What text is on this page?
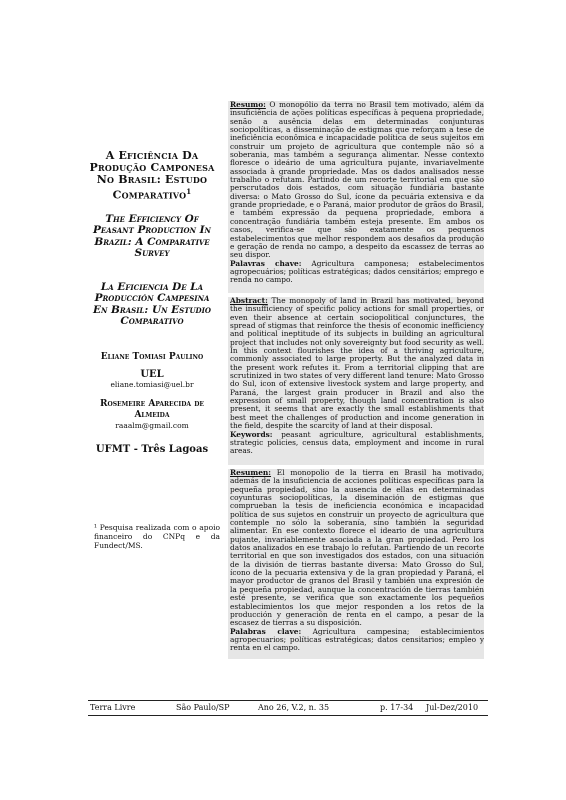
A Eficiência Da Produção Camponesa No Brasil: Estudo Comparativo$^1$
The Efficiency Of Peasant Production In Brazil: A Comparative Survey
La Eficiencia De La Producción Campesina En Brasil: Un Estudio Comparativo
Eliane Tomiasi Paulino
UEL
eliane.tomiasi@uel.br
Rosemeire Aparecida de Almeida
raaalm@gmail.com
UFMT - Três Lagoas
¹ Pesquisa realizada com o apoio financeiro do CNPq e da Fundect/MS.
Resumo: O monopólio da terra no Brasil tem motivado, além da insuficiência de ações políticas específicas à pequena propriedade, senão a ausência delas em determinadas conjunturas sociopolíticas, a disseminação de estigmas que reforçam a tese de ineficiência econômica e incapacidade política de seus sujeitos em construir um projeto de agricultura que contemple não só a soberania, mas também a segurança alimentar. Nesse contexto floresce o ideário de uma agricultura pujante, invariavelmente associada à grande propriedade. Mas os dados analisados nesse trabalho o refutam. Partindo de um recorte territorial em que são perscrutados dois estados, com situação fundiária bastante diversa: o Mato Grosso do Sul, ícone da pecuária extensiva e da grande propriedade, e o Paraná, maior produtor de grãos do Brasil, e também expressão da pequena propriedade, embora a concentração fundiária também esteja presente. Em ambos os casos, verifica-se que são exatamente os pequenos estabelecimentos que melhor respondem aos desafios da produção e geração de renda no campo, a despeito da escassez de terras ao seu dispor.
Palavras chave: Agricultura camponesa; estabelecimentos agropecuários; políticas estratégicas; dados censitários; emprego e renda no campo.
Abstract: The monopoly of land in Brazil has motivated, beyond the insufficiency of specific policy actions for small properties, or even their absence at certain sociopolitical conjunctures, the spread of stigmas that reinforce the thesis of economic inefficiency and political ineptitude of its subjects in building an agricultural project that includes not only sovereignty but food security as well. In this context flourishes the idea of a thriving agriculture, commonly associated to large property. But the analyzed data in the present work refutes it. From a territorial clipping that are scrutinized in two states of very different land tenure: Mato Grosso do Sul, icon of extensive livestock system and large property, and Paraná, the largest grain producer in Brazil and also the expression of small property, though land concentration is also present, it seems that are exactly the small establishments that best meet the challenges of production and income generation in the field, despite the scarcity of land at their disposal.
Keywords: peasant agriculture, agricultural establishments, strategic policies, census data, employment and income in rural areas.
Resumen: El monopolio de la tierra en Brasil ha motivado, además de la insuficiencia de acciones políticas específicas para la pequeña propiedad, sino la ausencia de ellas en determinadas coyunturas sociopolíticas, la diseminación de estigmas que comprueban la tesis de ineficiencia económica e incapacidad política de sus sujetos en construir un proyecto de agricultura que contemple no sólo la soberanía, sino también la seguridad alimentar. En ese contexto florece el ideario de una agricultura pujante, invariablemente asociada a la gran propiedad. Pero los datos analizados en ese trabajo lo refutan. Partiendo de un recorte territorial en que son investigados dos estados, con una situación de la división de tierras bastante diversa: Mato Grosso do Sul, ícono de la pecuaria extensiva y de la gran propiedad y Paraná, el mayor productor de granos del Brasil y también una expresión de la pequeña propiedad, aunque la concentración de tierras también esté presente, se verifica que son exactamente los pequeños establecimientos los que mejor responden a los retos de la producción y generación de renta en el campo, a pesar de la escasez de tierras a su disposición.
Palabras clave: Agricultura campesina; establecimientos agropecuarios; políticas estratégicas; datos censitarios; empleo y renta en el campo.
Terra Livre	São Paulo/SP	Ano 26, V.2, n. 35	p. 17-34 Jul-Dez/2010
